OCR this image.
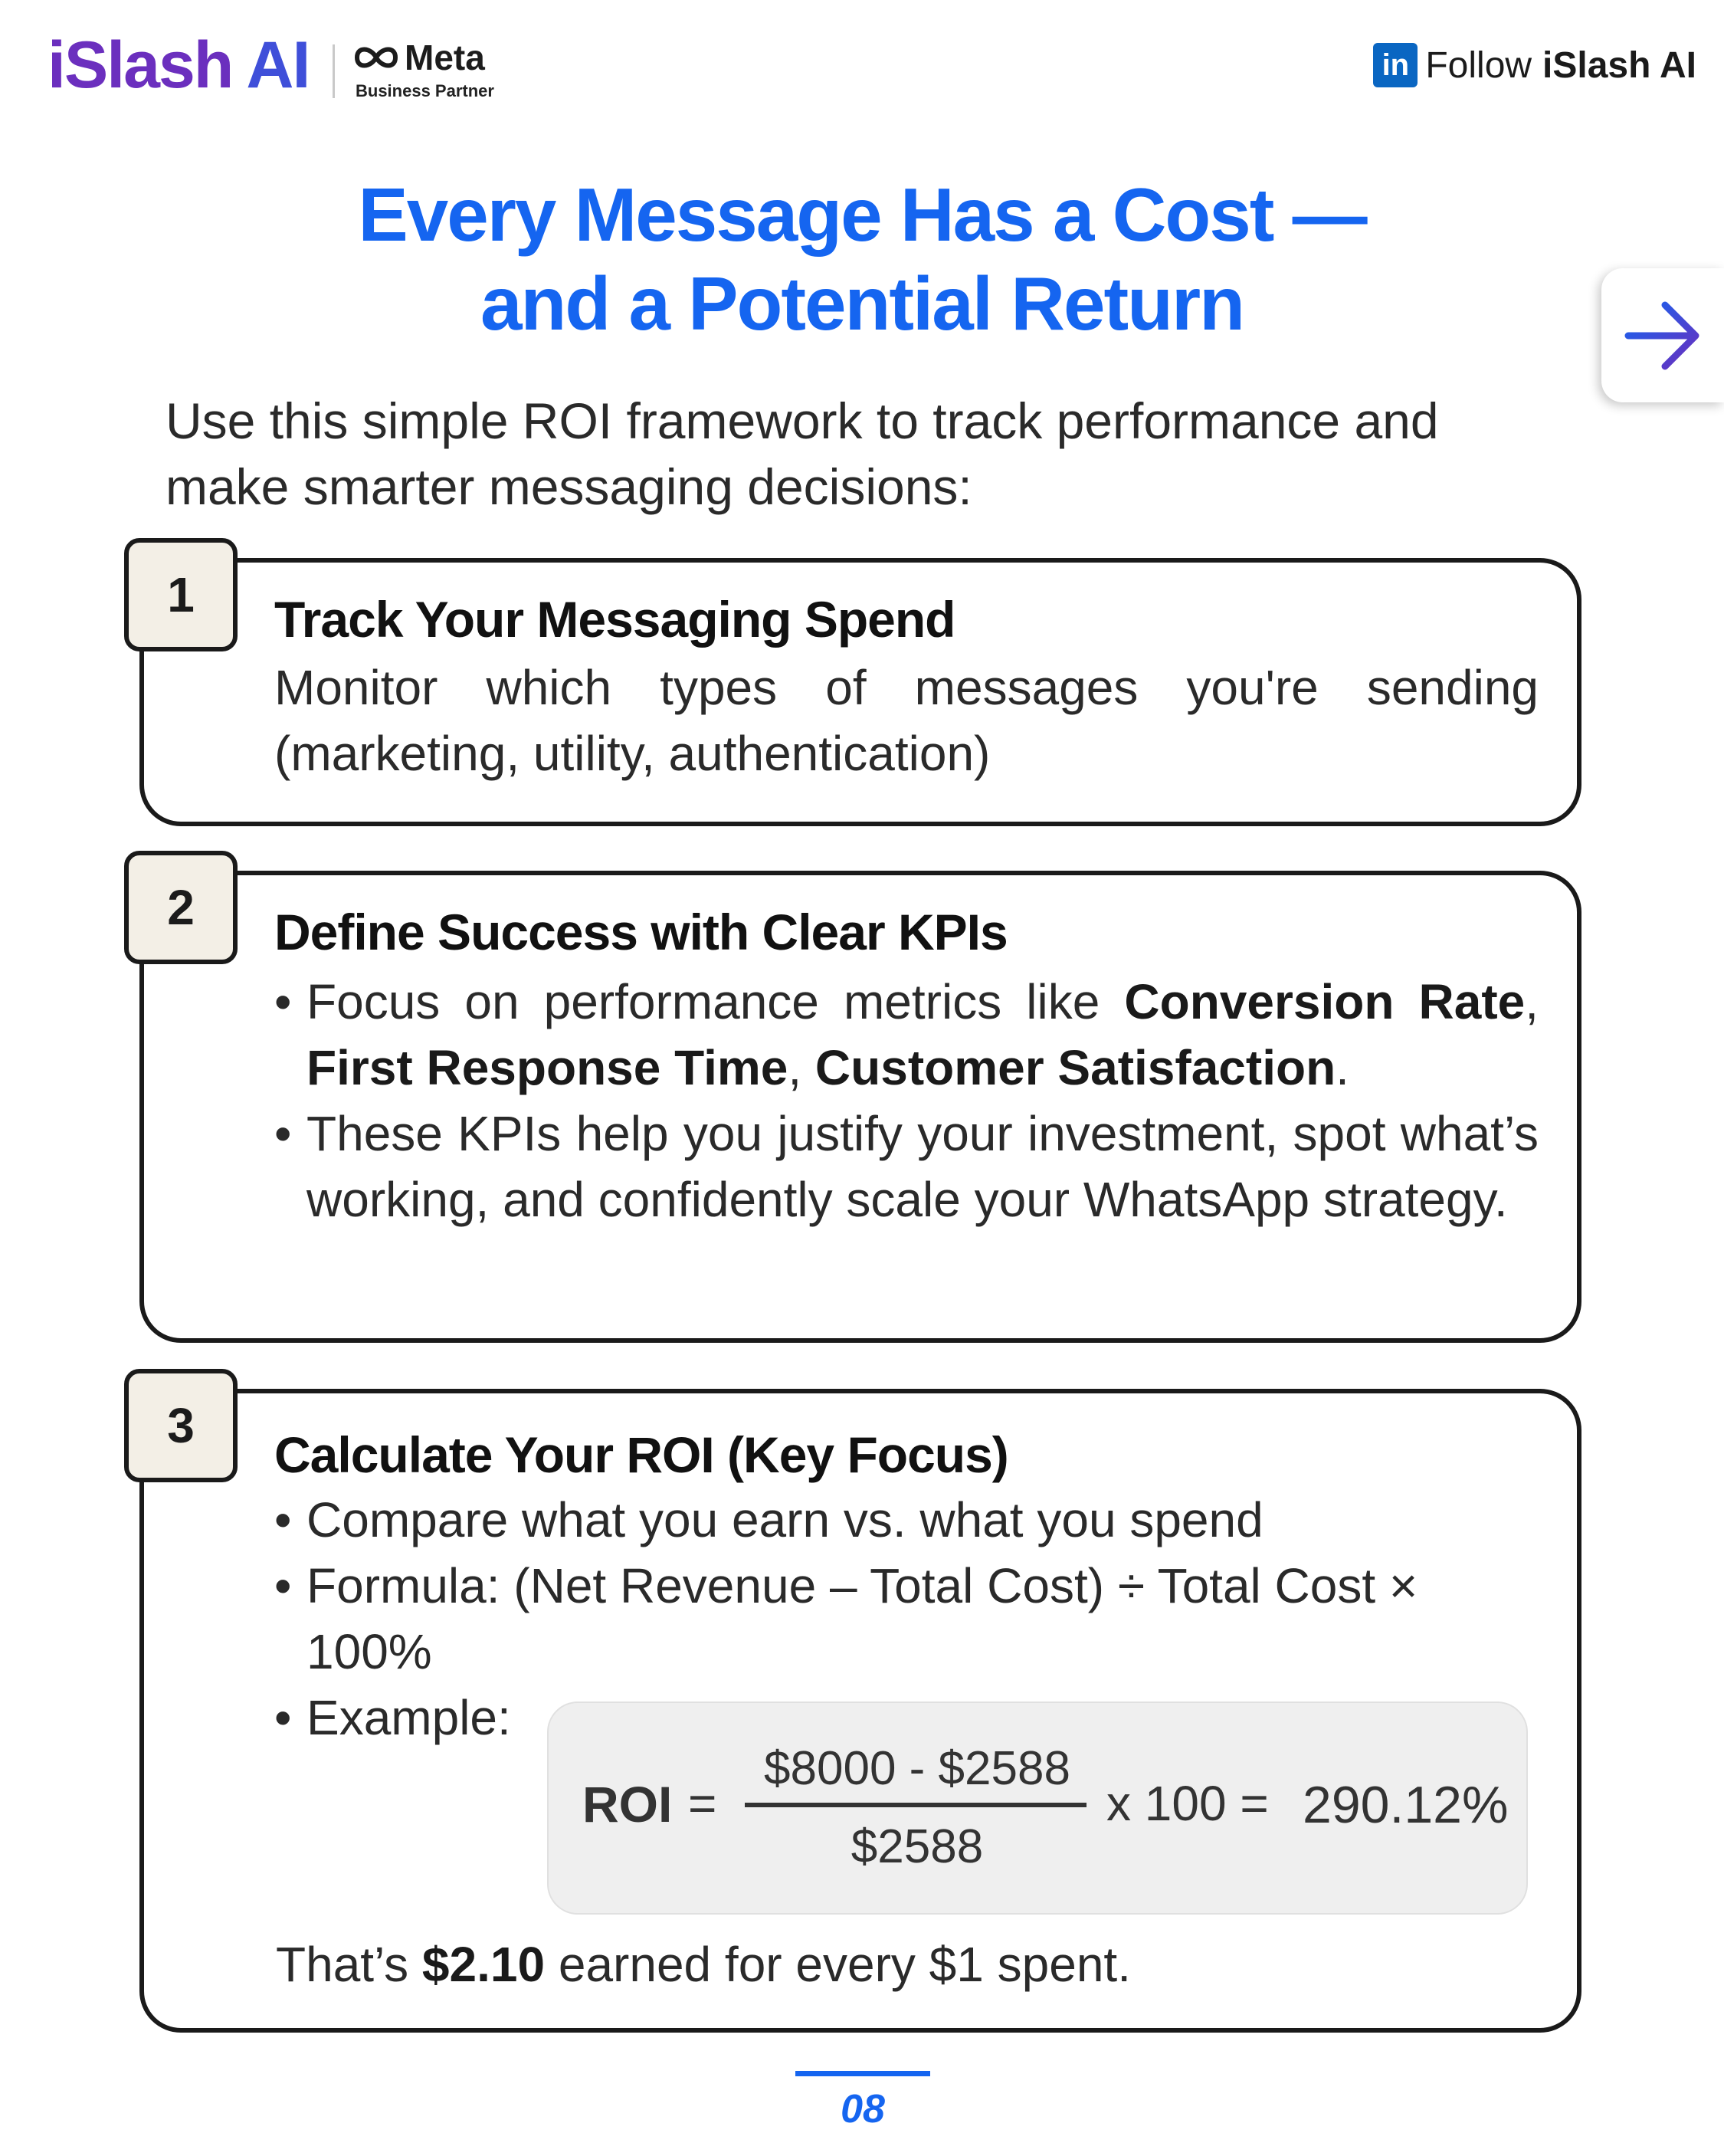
iSlash AI	Meta
Business Partner
in Follow iSlash AI
Every Message Has a Cost —
and a Potential Return
Use this simple ROI framework to track performance and make smarter messaging decisions:
1	Track Your Messaging Spend
Monitor which types of messages you're sending (marketing, utility, authentication)
2	Define Success with Clear KPIs
• Focus on performance metrics like Conversion Rate, First Response Time, Customer Satisfaction.
• These KPIs help you justify your investment, spot what’s working, and confidently scale your WhatsApp strategy.
3
Calculate Your ROI (Key Focus)
• Compare what you earn vs. what you spend
• Formula: (Net Revenue – Total Cost) ÷ Total Cost × 100%
• Example:
ROI =
$8000 - $2588
$2588
x 100 = 290.12%
That’s $2.10 earned for every $1 spent.
08
